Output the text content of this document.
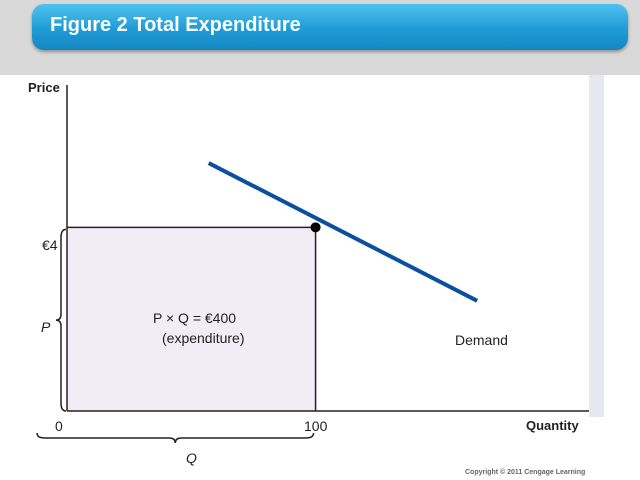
Figure 2 Total Expenditure
Price
Quantity
€4
0	100
P × Q = €400
(expenditure)	Demand
P
Q
Copyright © 2011 Cengage Learning
